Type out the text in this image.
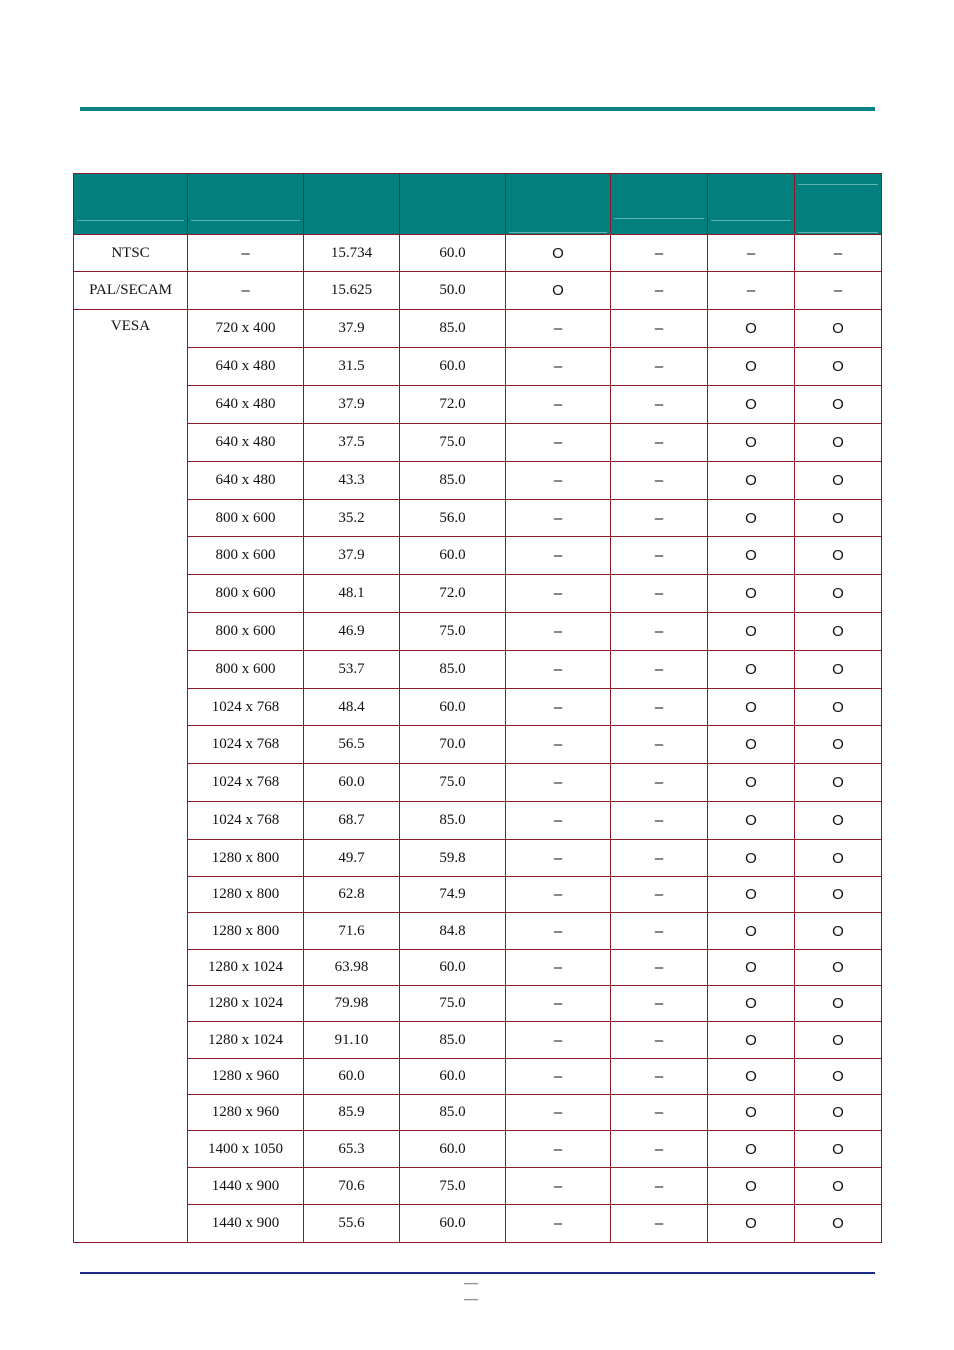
NTSC	–	15.734	60.0	O	–	–	–
PAL/SECAM	–	15.625	50.0	O	–	–	–
VESA	720 x 400	37.9	85.0	–	–	O	O
	640 x 480	31.5	60.0	–	–	O	O
	640 x 480	37.9	72.0	–	–	O	O
	640 x 480	37.5	75.0	–	–	O	O
	640 x 480	43.3	85.0	–	–	O	O
	800 x 600	35.2	56.0	–	–	O	O
	800 x 600	37.9	60.0	–	–	O	O
	800 x 600	48.1	72.0	–	–	O	O
	800 x 600	46.9	75.0	–	–	O	O
	800 x 600	53.7	85.0	–	–	O	O
	1024 x 768	48.4	60.0	–	–	O	O
	1024 x 768	56.5	70.0	–	–	O	O
	1024 x 768	60.0	75.0	–	–	O	O
	1024 x 768	68.7	85.0	–	–	O	O
	1280 x 800	49.7	59.8	–	–	O	O
	1280 x 800	62.8	74.9	–	–	O	O
	1280 x 800	71.6	84.8	–	–	O	O
	1280 x 1024	63.98	60.0	–	–	O	O
	1280 x 1024	79.98	75.0	–	–	O	O
	1280 x 1024	91.10	85.0	–	–	O	O
	1280 x 960	60.0	60.0	–	–	O	O
	1280 x 960	85.9	85.0	–	–	O	O
	1400 x 1050	65.3	60.0	–	–	O	O
	1440 x 900	70.6	75.0	–	–	O	O
	1440 x 900	55.6	60.0	–	–	O	O
— —
